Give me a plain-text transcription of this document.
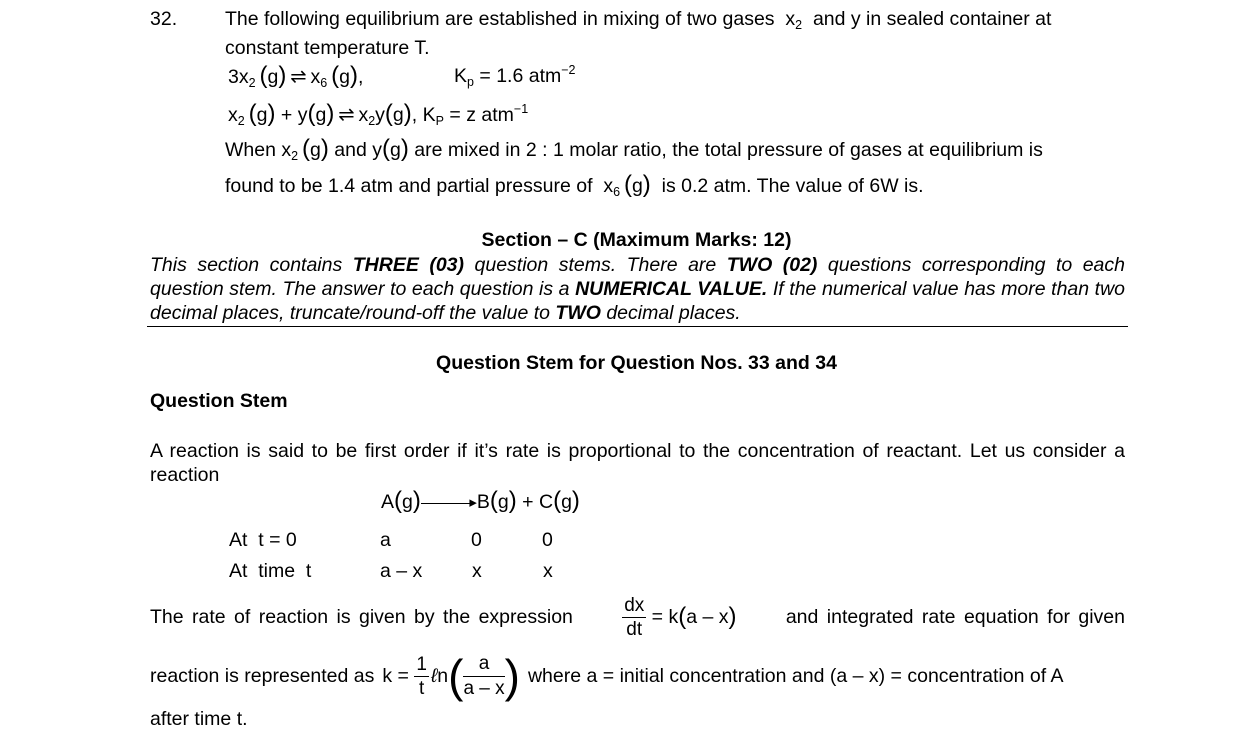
32. The following equilibrium are established in mixing of two gases  $x_2$ and y in sealed container at
constant temperature T.
$3x_2$  (g) ⇌ $x_6$  (g),	$K_p = 1.6$ atm$^{-2}$
$x_2$  (g) + y(g) ⇌ $x_2y(g)$, $K_P = z$ atm$^{-1}$
When $x_2$  (g) and y(g) are mixed in 2 : 1 molar ratio, the total pressure of gases at equilibrium is
found to be 1.4 atm and partial pressure of  $x_6$  (g) is 0.2 atm. The value of 6W is.
Section – C (Maximum Marks: 12)
This section contains THREE (03) question stems. There are TWO (02) questions corresponding to each question stem. The answer to each question is a NUMERICAL VALUE. If the numerical value has more than two decimal places, truncate/round-off the value to TWO decimal places.
Question Stem for Question Nos. 33 and 34
Question Stem
A reaction is said to be first order if it’s rate is proportional to the concentration of reactant. Let us consider a reaction
A(g)	▸ B(g) + C(g)
At  t = 0	a	0	0
At  time  t	a – x	x	x
The rate of reaction is given by the expression	$\frac{dx}{dt} = k$ ( a – x )	and integrated rate equation for given
reaction is represented as $k = \frac{1}{t}$ ℓ n ( $\frac{a}{a - x}$ ) where a = initial concentration and (a – x) = concentration of A
after time t.
